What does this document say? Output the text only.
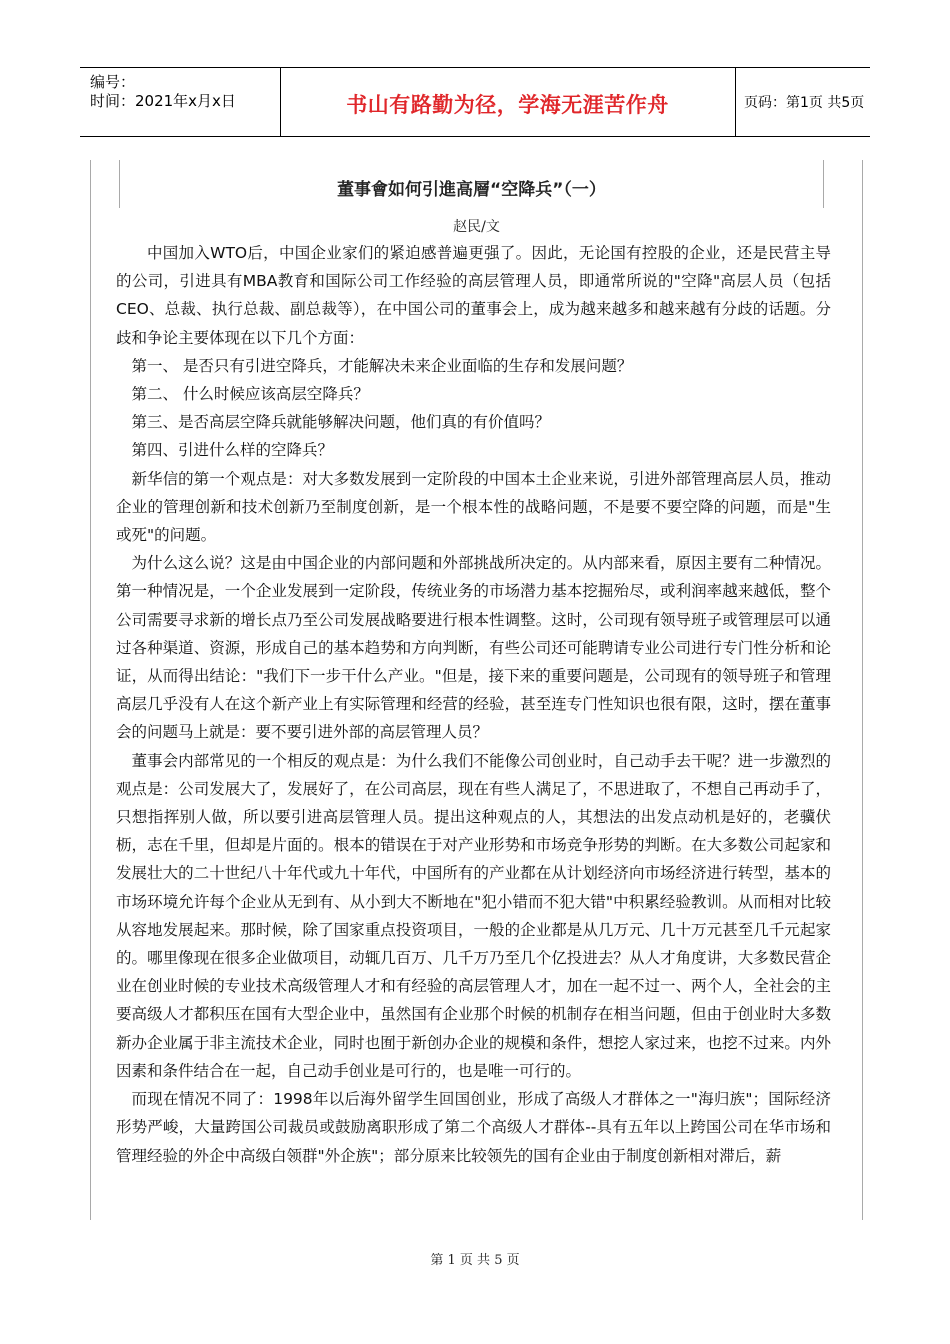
编号：
时间：2021年x月x日	书山有路勤为径，学海无涯苦作舟	页码：第1页 共5页
董事會如何引進高層“空降兵”（一）
赵民/文

中国加入WTO后，中国企业家们的紧迫感普遍更强了。因此，无论国有控股的企业，还是民营主导的公司，引进具有MBA教育和国际公司工作经验的高层管理人员，即通常所说的"空降"高层人员（包括CEO、总裁、执行总裁、副总裁等），在中国公司的董事会上，成为越来越多和越来越有分歧的话题。分歧和争论主要体现在以下几个方面：

第一、 是否只有引进空降兵，才能解决未来企业面临的生存和发展问题？

第二、 什么时候应该高层空降兵？

第三、是否高层空降兵就能够解决问题，他们真的有价值吗？

第四、引进什么样的空降兵？

新华信的第一个观点是：对大多数发展到一定阶段的中国本土企业来说，引进外部管理高层人员，推动企业的管理创新和技术创新乃至制度创新，是一个根本性的战略问题，不是要不要空降的问题，而是"生或死"的问题。

为什么这么说？这是由中国企业的内部问题和外部挑战所决定的。从内部来看，原因主要有二种情况。第一种情况是，一个企业发展到一定阶段，传统业务的市场潜力基本挖掘殆尽，或利润率越来越低，整个公司需要寻求新的增长点乃至公司发展战略要进行根本性调整。这时，公司现有领导班子或管理层可以通过各种渠道、资源，形成自己的基本趋势和方向判断，有些公司还可能聘请专业公司进行专门性分析和论证，从而得出结论："我们下一步干什么产业。"但是，接下来的重要问题是，公司现有的领导班子和管理高层几乎没有人在这个新产业上有实际管理和经营的经验，甚至连专门性知识也很有限，这时，摆在董事会的问题马上就是：要不要引进外部的高层管理人员？

董事会内部常见的一个相反的观点是：为什么我们不能像公司创业时，自己动手去干呢？进一步激烈的观点是：公司发展大了，发展好了，在公司高层，现在有些人满足了，不思进取了，不想自己再动手了，只想指挥别人做，所以要引进高层管理人员。提出这种观点的人，其想法的出发点动机是好的，老骥伏枥，志在千里，但却是片面的。根本的错误在于对产业形势和市场竞争形势的判断。在大多数公司起家和发展壮大的二十世纪八十年代或九十年代，中国所有的产业都在从计划经济向市场经济进行转型，基本的市场环境允许每个企业从无到有、从小到大不断地在"犯小错而不犯大错"中积累经验教训。从而相对比较从容地发展起来。那时候，除了国家重点投资项目，一般的企业都是从几万元、几十万元甚至几千元起家的。哪里像现在很多企业做项目，动辄几百万、几千万乃至几个亿投进去？从人才角度讲，大多数民营企业在创业时候的专业技术高级管理人才和有经验的高层管理人才，加在一起不过一、两个人，全社会的主要高级人才都积压在国有大型企业中，虽然国有企业那个时候的机制存在相当问题，但由于创业时大多数新办企业属于非主流技术企业，同时也囿于新创办企业的规模和条件，想挖人家过来，也挖不过来。内外因素和条件结合在一起，自己动手创业是可行的，也是唯一可行的。

而现在情况不同了：1998年以后海外留学生回国创业，形成了高级人才群体之一"海归族"；国际经济形势严峻，大量跨国公司裁员或鼓励离职形成了第二个高级人才群体--具有五年以上跨国公司在华市场和管理经验的外企中高级白领群"外企族"；部分原来比较领先的国有企业由于制度创新相对滞后，薪

第 1 页 共 5 页
